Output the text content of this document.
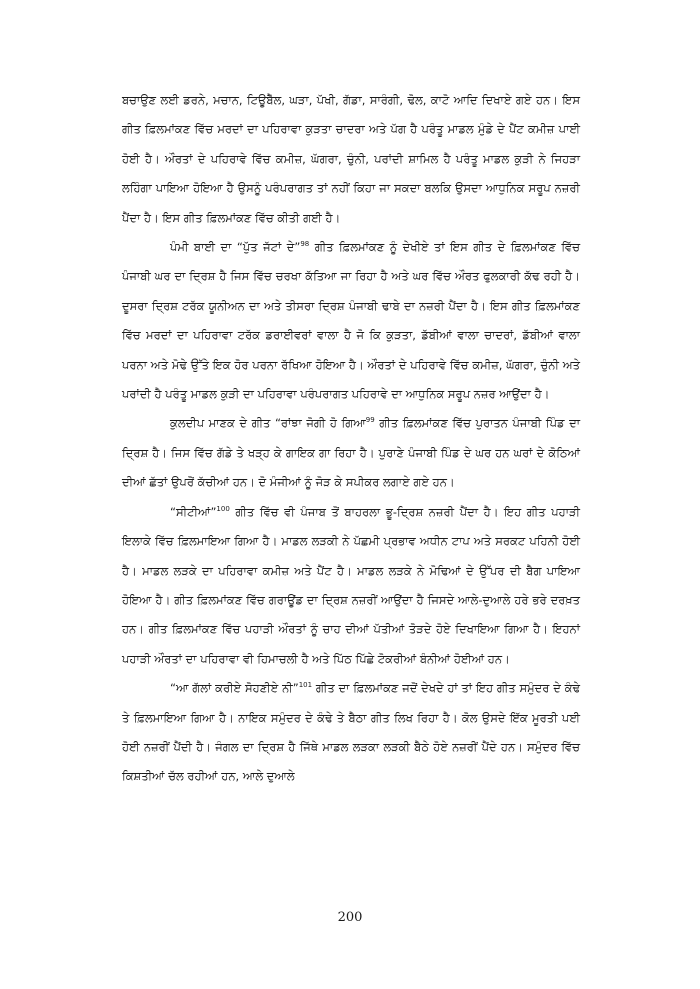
ਬਚਾਉਣ ਲਈ ਡਰਨੇ, ਮਚਾਨ, ਟਿਊਬੈੱਲ, ਘੜਾ, ਪੱਖੀ, ਗੱਡਾ, ਸਾਰੰਗੀ, ਢੋਲ, ਕਾਟੋ ਆਦਿ ਦਿਖਾਏ ਗਏ ਹਨ। ਇਸ ਗੀਤ ਫ਼ਿਲਮਾਂਕਣ ਵਿੱਚ ਮਰਦਾਂ ਦਾ ਪਹਿਰਾਵਾ ਕੁੜਤਾ ਚਾਦਰਾ ਅਤੇ ਪੱਗ ਹੈ ਪਰੰਤੂ ਮਾਡਲ ਮੁੰਡੇ ਦੇ ਪੈਂਟ ਕਮੀਜ਼ ਪਾਈ ਹੋਈ ਹੈ। ਔਰਤਾਂ ਦੇ ਪਹਿਰਾਵੇ ਵਿੱਚ ਕਮੀਜ਼, ਘੱਗਰਾ, ਚੁੰਨੀ, ਪਰਾਂਦੀ ਸ਼ਾਮਿਲ ਹੈ ਪਰੰਤੂ ਮਾਡਲ ਕੁੜੀ ਨੇ ਜਿਹੜਾ ਲਹਿੰਗਾ ਪਾਇਆ ਹੋਇਆ ਹੈ ਉਸਨੂੰ ਪਰੰਪਰਾਗਤ ਤਾਂ ਨਹੀਂ ਕਿਹਾ ਜਾ ਸਕਦਾ ਬਲਕਿ ਉਸਦਾ ਆਧੁਨਿਕ ਸਰੂਪ ਨਜ਼ਰੀ ਪੈਂਦਾ ਹੈ। ਇਸ ਗੀਤ ਫ਼ਿਲਮਾਂਕਣ ਵਿੱਚ ਕੀਤੀ ਗਈ ਹੈ।

ਪੰਮੀ ਬਾਈ ਦਾ “ਪੁੱਤ ਜੱਟਾਂ ਦੇ”$^{98}$ ਗੀਤ ਫ਼ਿਲਮਾਂਕਣ ਨੂੰ ਦੇਖੀਏ ਤਾਂ ਇਸ ਗੀਤ ਦੇ ਫ਼ਿਲਮਾਂਕਣ ਵਿੱਚ ਪੰਜਾਬੀ ਘਰ ਦਾ ਦ੍ਰਿਸ਼ ਹੈ ਜਿਸ ਵਿੱਚ ਚਰਖਾ ਕੱਤਿਆ ਜਾ ਰਿਹਾ ਹੈ ਅਤੇ ਘਰ ਵਿੱਚ ਔਰਤ ਫੁਲਕਾਰੀ ਕੱਢ ਰਹੀ ਹੈ। ਦੂਸਰਾ ਦ੍ਰਿਸ਼ ਟਰੱਕ ਯੂਨੀਅਨ ਦਾ ਅਤੇ ਤੀਸਰਾ ਦ੍ਰਿਸ਼ ਪੰਜਾਬੀ ਢਾਬੇ ਦਾ ਨਜ਼ਰੀ ਪੈਂਦਾ ਹੈ। ਇਸ ਗੀਤ ਫ਼ਿਲਮਾਂਕਣ ਵਿੱਚ ਮਰਦਾਂ ਦਾ ਪਹਿਰਾਵਾ ਟਰੱਕ ਡਰਾਈਵਰਾਂ ਵਾਲਾ ਹੈ ਜੋ ਕਿ ਕੁੜਤਾ, ਡੱਬੀਆਂ ਵਾਲਾ ਚਾਦਰਾਂ, ਡੱਬੀਆਂ ਵਾਲਾ ਪਰਨਾ ਅਤੇ ਮੋਢੇ ਉੱਤੇ ਇਕ ਹੋਰ ਪਰਨਾ ਰੱਖਿਆ ਹੋਇਆ ਹੈ। ਔਰਤਾਂ ਦੇ ਪਹਿਰਾਵੇ ਵਿੱਚ ਕਮੀਜ਼, ਘੱਗਰਾ, ਚੁੰਨੀ ਅਤੇ ਪਰਾਂਦੀ ਹੈ ਪਰੰਤੂ ਮਾਡਲ ਕੁੜੀ ਦਾ ਪਹਿਰਾਵਾ ਪਰੰਪਰਾਗਤ ਪਹਿਰਾਵੇ ਦਾ ਆਧੁਨਿਕ ਸਰੂਪ ਨਜ਼ਰ ਆਉਂਦਾ ਹੈ।

ਕੁਲਦੀਪ ਮਾਣਕ ਦੇ ਗੀਤ “ਰਾਂਝਾ ਜੋਗੀ ਹੋ ਗਿਆ$^{99}$ ਗੀਤ ਫ਼ਿਲਮਾਂਕਣ ਵਿੱਚ ਪੁਰਾਤਨ ਪੰਜਾਬੀ ਪਿੰਡ ਦਾ ਦ੍ਰਿਸ਼ ਹੈ। ਜਿਸ ਵਿੱਚ ਗੱਡੇ ਤੇ ਖੜ੍ਹ ਕੇ ਗਾਇਕ ਗਾ ਰਿਹਾ ਹੈ। ਪੁਰਾਣੇ ਪੰਜਾਬੀ ਪਿੰਡ ਦੇ ਘਰ ਹਨ ਘਰਾਂ ਦੇ ਕੋਠਿਆਂ ਦੀਆਂ ਛੱਤਾਂ ਉਪਰੋਂ ਕੱਚੀਆਂ ਹਨ। ਦੋ ਮੰਜੀਆਂ ਨੂੰ ਜੋੜ ਕੇ ਸਪੀਕਰ ਲਗਾਏ ਗਏ ਹਨ।

“ਸੀਟੀਆਂ”$^{100}$ ਗੀਤ ਵਿੱਚ ਵੀ ਪੰਜਾਬ ਤੋਂ ਬਾਹਰਲਾ ਭੂ-ਦ੍ਰਿਸ਼ ਨਜ਼ਰੀ ਪੈਂਦਾ ਹੈ। ਇਹ ਗੀਤ ਪਹਾੜੀ ਇਲਾਕੇ ਵਿੱਚ ਫ਼ਿਲਮਾਇਆ ਗਿਆ ਹੈ। ਮਾਡਲ ਲੜਕੀ ਨੇ ਪੱਛਮੀ ਪ੍ਰਭਾਵ ਅਧੀਨ ਟਾਪ ਅਤੇ ਸਰਕਟ ਪਹਿਨੀ ਹੋਈ ਹੈ। ਮਾਡਲ ਲੜਕੇ ਦਾ ਪਹਿਰਾਵਾ ਕਮੀਜ਼ ਅਤੇ ਪੈਂਟ ਹੈ। ਮਾਡਲ ਲੜਕੇ ਨੇ ਮੋਢਿਆਂ ਦੇ ਉੱਪਰ ਦੀ ਬੈਗ ਪਾਇਆ ਹੋਇਆ ਹੈ। ਗੀਤ ਫ਼ਿਲਮਾਂਕਣ ਵਿੱਚ ਗਰਾਊਂਡ ਦਾ ਦ੍ਰਿਸ਼ ਨਜ਼ਰੀਂ ਆਉਂਦਾ ਹੈ ਜਿਸਦੇ ਆਲੇ-ਦੁਆਲੇ ਹਰੇ ਭਰੇ ਦਰਖ਼ਤ ਹਨ। ਗੀਤ ਫ਼ਿਲਮਾਂਕਣ ਵਿੱਚ ਪਹਾੜੀ ਔਰਤਾਂ ਨੂੰ ਚਾਹ ਦੀਆਂ ਪੱਤੀਆਂ ਤੋੜਦੇ ਹੋਏ ਦਿਖਾਇਆ ਗਿਆ ਹੈ। ਇਹਨਾਂ ਪਹਾੜੀ ਔਰਤਾਂ ਦਾ ਪਹਿਰਾਵਾ ਵੀ ਹਿਮਾਚਲੀ ਹੈ ਅਤੇ ਪਿੱਠ ਪਿੱਛੇ ਟੋਕਰੀਆਂ ਬੰਨੀਆਂ ਹੋਈਆਂ ਹਨ।

“ਆ ਗੱਲਾਂ ਕਰੀਏ ਸੋਹਣੀਏ ਨੀ”$^{101}$ ਗੀਤ ਦਾ ਫ਼ਿਲਮਾਂਕਣ ਜਦੋਂ ਦੇਖਦੇ ਹਾਂ ਤਾਂ ਇਹ ਗੀਤ ਸਮੁੰਦਰ ਦੇ ਕੰਢੇ ਤੇ ਫ਼ਿਲਮਾਇਆ ਗਿਆ ਹੈ। ਨਾਇਕ ਸਮੁੰਦਰ ਦੇ ਕੰਢੇ ਤੇ ਬੈਠਾ ਗੀਤ ਲਿਖ ਰਿਹਾ ਹੈ। ਕੋਲ ਉਸਦੇ ਇੱਕ ਮੂਰਤੀ ਪਈ ਹੋਈ ਨਜ਼ਰੀਂ ਪੈਂਦੀ ਹੈ। ਜੰਗਲ ਦਾ ਦ੍ਰਿਸ਼ ਹੈ ਜਿੱਥੇ ਮਾਡਲ ਲੜਕਾ ਲੜਕੀ ਬੈਠੇ ਹੋਏ ਨਜ਼ਰੀਂ ਪੈਂਦੇ ਹਨ। ਸਮੁੰਦਰ ਵਿੱਚ ਕਿਸ਼ਤੀਆਂ ਚੱਲ ਰਹੀਆਂ ਹਨ, ਆਲੇ ਦੁਆਲੇ

200
